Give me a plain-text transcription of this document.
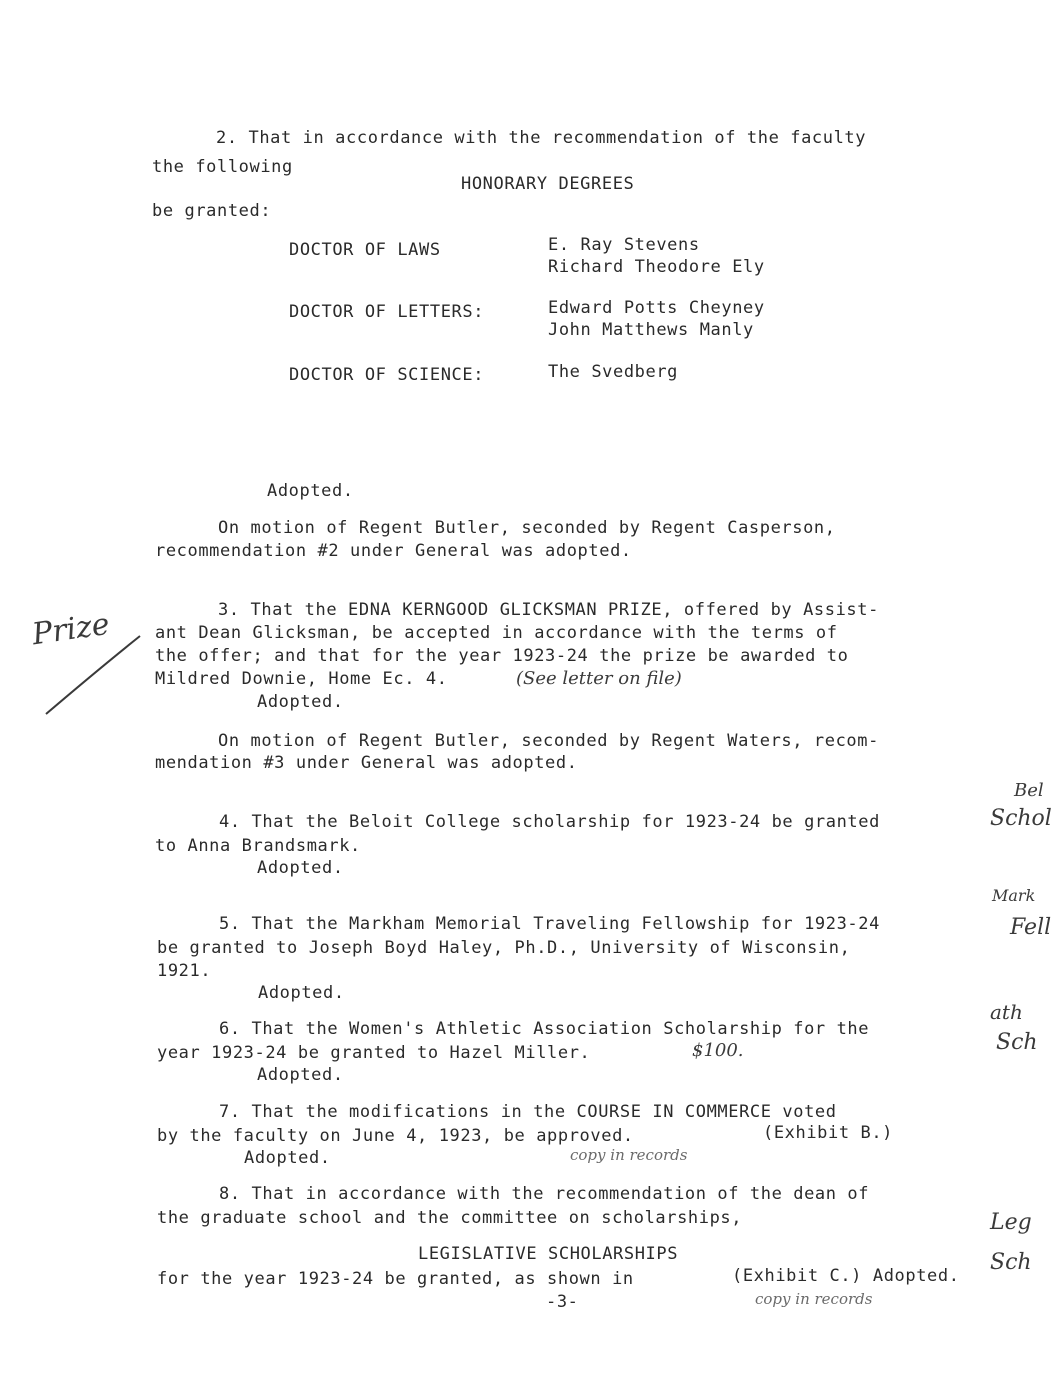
2. That in accordance with the recommendation of the faculty
the following
HONORARY DEGREES
be granted:
DOCTOR OF LAWS	E. Ray Stevens
Richard Theodore Ely
DOCTOR OF LETTERS:	Edward Potts Cheyney
John Matthews Manly
DOCTOR OF SCIENCE:	The Svedberg
Adopted.
On motion of Regent Butler, seconded by Regent Casperson,
recommendation #2 under General was adopted.
Prize	3. That the EDNA KERNGOOD GLICKSMAN PRIZE, offered by Assist-
ant Dean Glicksman, be accepted in accordance with the terms of
the offer; and that for the year 1923-24 the prize be awarded to
Mildred Downie, Home Ec. 4.	(See letter on file)
Adopted.
On motion of Regent Butler, seconded by Regent Waters, recom-
mendation #3 under General was adopted.
Bel
Schol
4. That the Beloit College scholarship for 1923-24 be granted
to Anna Brandsmark.
Adopted.
Mark
Fell
5. That the Markham Memorial Traveling Fellowship for 1923-24
be granted to Joseph Boyd Haley, Ph.D., University of Wisconsin,
1921.
Adopted.
ath
Sch
6. That the Women's Athletic Association Scholarship for the
year 1923-24 be granted to Hazel Miller.	$100.
Adopted.
7. That the modifications in the COURSE IN COMMERCE voted
by the faculty on June 4, 1923, be approved.	(Exhibit B.)
Adopted.	copy in records
8. That in accordance with the recommendation of the dean of
the graduate school and the committee on scholarships,	Leg
Sch
LEGISLATIVE SCHOLARSHIPS
for the year 1923-24 be granted, as shown in	(Exhibit C.) Adopted.
copy in records
-3-
